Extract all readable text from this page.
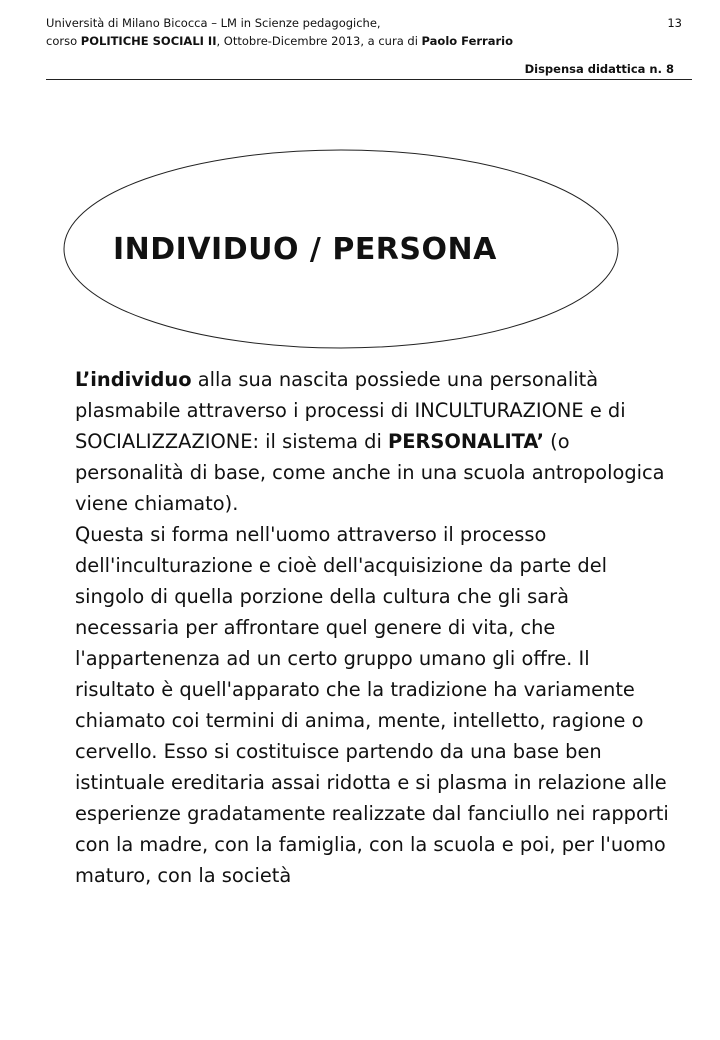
Università di Milano Bicocca – LM in Scienze pedagogiche,
corso POLITICHE SOCIALI II, Ottobre-Dicembre 2013, a cura di Paolo Ferrario
13
Dispensa didattica n. 8
INDIVIDUO / PERSONA

L’individuo alla sua nascita possiede una personalità plasmabile attraverso i processi di INCULTURAZIONE e di SOCIALIZZAZIONE: il sistema di PERSONALITA’ (o personalità di base, come anche in una scuola antropologica viene chiamato).

Questa si forma nell'uomo attraverso il processo dell'inculturazione e cioè dell'acquisizione da parte del singolo di quella porzione della cultura che gli sarà necessaria per affrontare quel genere di vita, che l'appartenenza ad un certo gruppo umano gli offre. Il risultato è quell'apparato che la tradizione ha variamente chiamato coi termini di anima, mente, intelletto, ragione o cervello. Esso si costituisce partendo da una base ben istintuale ereditaria assai ridotta e si plasma in relazione alle esperienze gradatamente realizzate dal fanciullo nei rapporti con la madre, con la famiglia, con la scuola e poi, per l'uomo maturo, con la società
